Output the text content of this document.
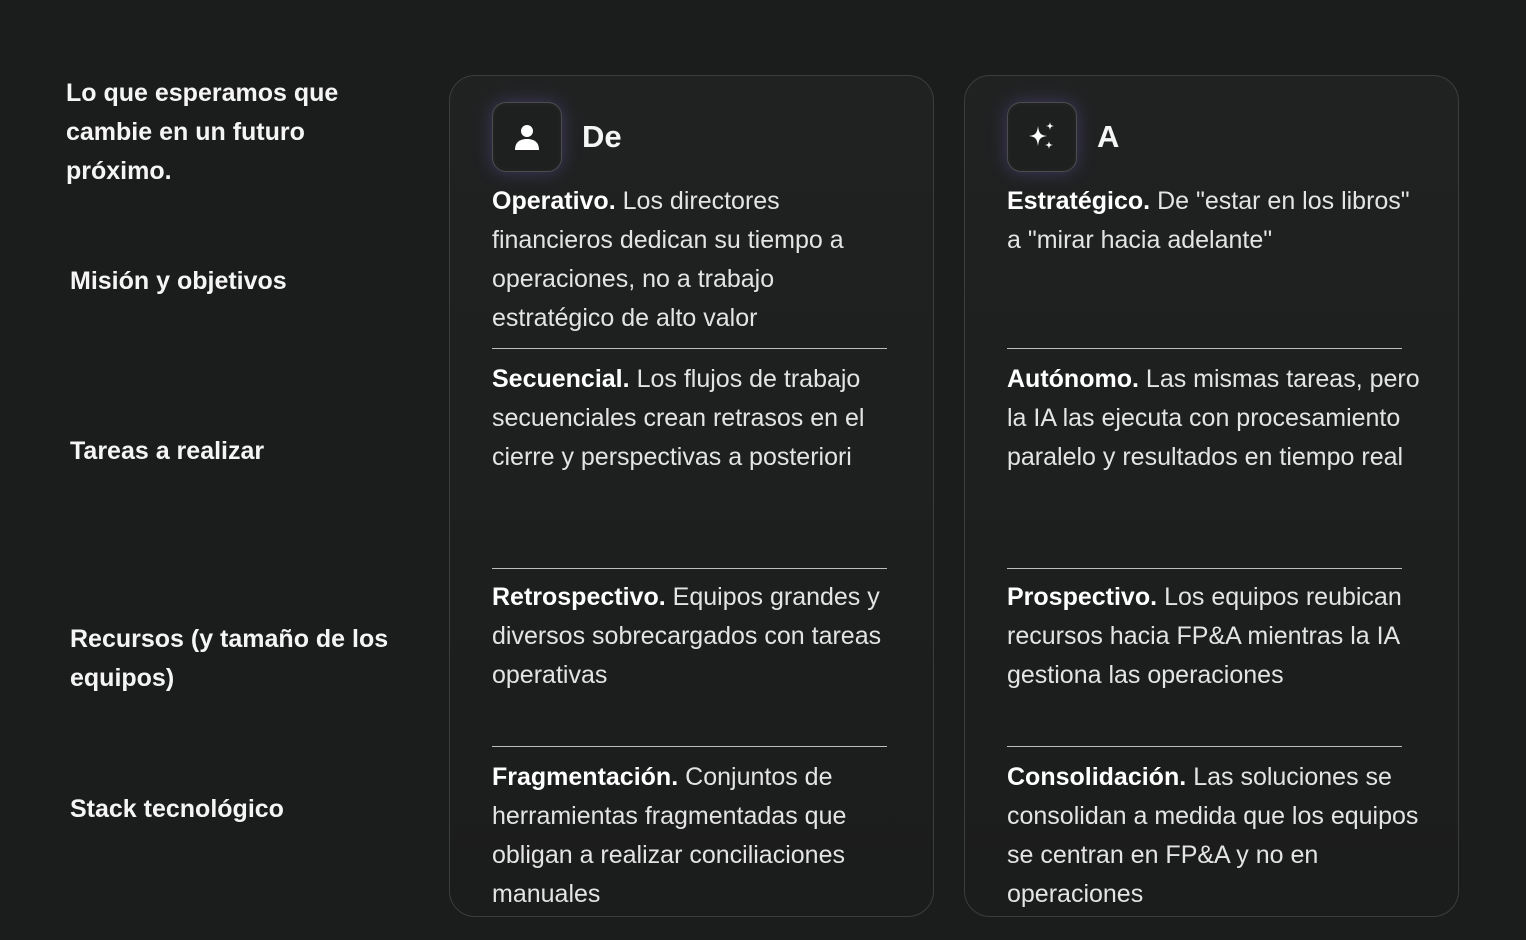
Lo que esperamos que cambie en un futuro próximo.

Misión y objetivos

Tareas a realizar

Recursos (y tamaño de los equipos)

Stack tecnológico

De

Operativo. Los directores financieros dedican su tiempo a operaciones, no a trabajo estratégico de alto valor

Secuencial. Los flujos de trabajo secuenciales crean retrasos en el cierre y perspectivas a posteriori

Retrospectivo. Equipos grandes y diversos sobrecargados con tareas operativas

Fragmentación. Conjuntos de herramientas fragmentadas que obligan a realizar conciliaciones manuales

A

Estratégico. De "estar en los libros" a "mirar hacia adelante"

Autónomo. Las mismas tareas, pero la IA las ejecuta con procesamiento paralelo y resultados en tiempo real

Prospectivo. Los equipos reubican recursos hacia FP&A mientras la IA gestiona las operaciones

Consolidación. Las soluciones se consolidan a medida que los equipos se centran en FP&A y no en operaciones
